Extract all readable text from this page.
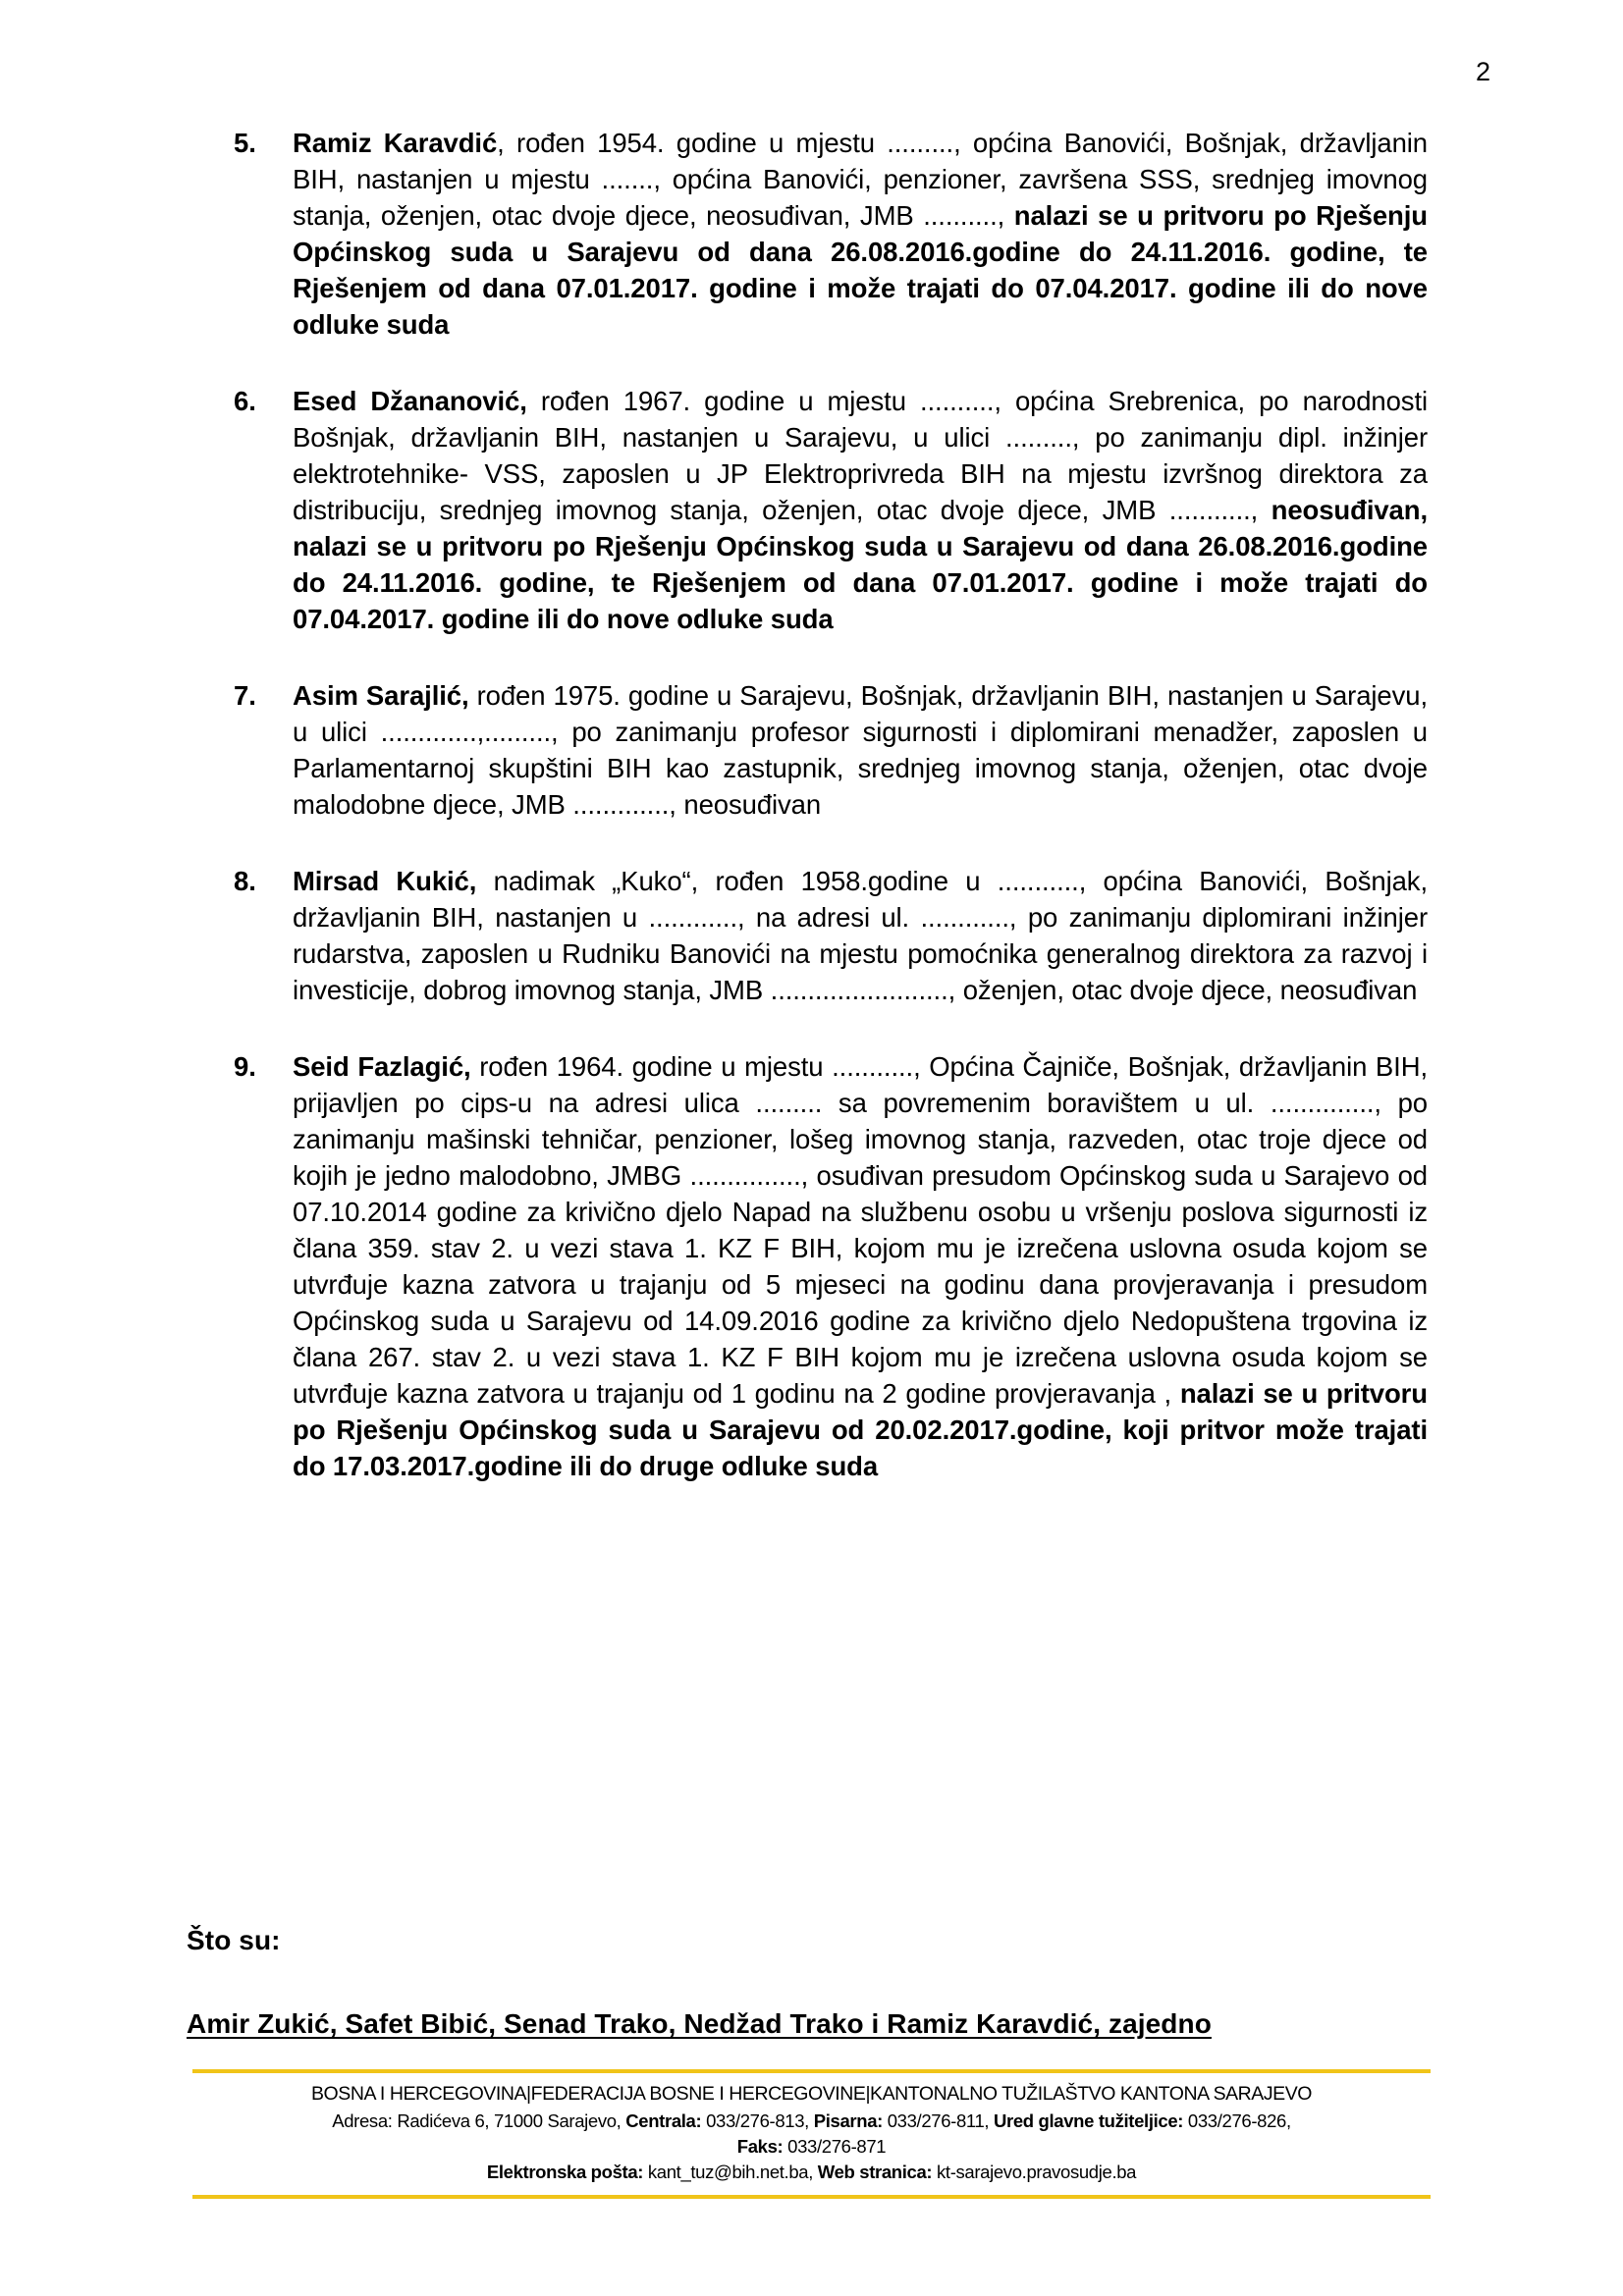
2
5.	Ramiz Karavdić, rođen 1954. godine u mjestu ........., općina Banovići, Bošnjak, državljanin BIH, nastanjen u mjestu ......., općina Banovići, penzioner, završena SSS, srednjeg imovnog stanja, oženjen, otac dvoje djece, neosuđivan, JMB .........., nalazi se u pritvoru po Rješenju Općinskog suda u Sarajevu od dana 26.08.2016.godine do 24.11.2016. godine, te Rješenjem od dana 07.01.2017. godine i može trajati do 07.04.2017. godine ili do nove odluke suda
6.	Esed Džananović, rođen 1967. godine u mjestu .........., općina Srebrenica, po narodnosti Bošnjak, državljanin BIH, nastanjen u Sarajevu, u ulici ........., po zanimanju dipl. inžinjer elektrotehnike- VSS, zaposlen u JP Elektroprivreda BIH na mjestu izvršnog direktora za distribuciju, srednjeg imovnog stanja, oženjen, otac dvoje djece, JMB ..........., neosuđivan, nalazi se u pritvoru po Rješenju Općinskog suda u Sarajevu od dana 26.08.2016.godine do 24.11.2016. godine, te Rješenjem od dana 07.01.2017. godine i može trajati do 07.04.2017. godine ili do nove odluke suda
7.	Asim Sarajlić, rođen 1975. godine u Sarajevu, Bošnjak, državljanin BIH, nastanjen u Sarajevu, u ulici .............,........., po zanimanju profesor sigurnosti i diplomirani menadžer, zaposlen u Parlamentarnoj skupštini BIH kao zastupnik, srednjeg imovnog stanja, oženjen, otac dvoje malodobne djece, JMB ............., neosuđivan
8.	Mirsad Kukić, nadimak „Kuko“, rođen 1958.godine u ..........., općina Banovići, Bošnjak, državljanin BIH, nastanjen u ............, na adresi ul. ............, po zanimanju diplomirani inžinjer rudarstva, zaposlen u Rudniku Banovići na mjestu pomoćnika generalnog direktora za razvoj i investicije, dobrog imovnog stanja, JMB ........................, oženjen, otac dvoje djece, neosuđivan
9.	Seid Fazlagić, rođen 1964. godine u mjestu ..........., Općina Čajniče, Bošnjak, državljanin BIH, prijavljen po cips-u na adresi ulica ......... sa povremenim boravištem u ul. .............., po zanimanju mašinski tehničar, penzioner, lošeg imovnog stanja, razveden, otac troje djece od kojih je jedno malodobno, JMBG ..............., osuđivan presudom Općinskog suda u Sarajevo od 07.10.2014 godine za krivično djelo Napad na službenu osobu u vršenju poslova sigurnosti iz člana 359. stav 2. u vezi stava 1. KZ F BIH, kojom mu je izrečena uslovna osuda kojom se utvrđuje kazna zatvora u trajanju od 5 mjeseci na godinu dana provjeravanja i presudom Općinskog suda u Sarajevu od 14.09.2016 godine za krivično djelo Nedopuštena trgovina iz člana 267. stav 2. u vezi stava 1. KZ F BIH kojom mu je izrečena uslovna osuda kojom se utvrđuje kazna zatvora u trajanju od 1 godinu na 2 godine provjeravanja , nalazi se u pritvoru po Rješenju Općinskog suda u Sarajevu od 20.02.2017.godine, koji pritvor može trajati do 17.03.2017.godine ili do druge odluke suda
Što su:
Amir Zukić, Safet Bibić, Senad Trako, Nedžad Trako i Ramiz Karavdić, zajedno
BOSNA I HERCEGOVINA|FEDERACIJA BOSNE I HERCEGOVINE|KANTONALNO TUŽILAŠTVO KANTONA SARAJEVO
Adresa: Radićeva 6, 71000 Sarajevo, Centrala: 033/276-813, Pisarna: 033/276-811, Ured glavne tužiteljice: 033/276-826,
Faks: 033/276-871
Elektronska pošta: kant_tuz@bih.net.ba, Web stranica: kt-sarajevo.pravosudje.ba
